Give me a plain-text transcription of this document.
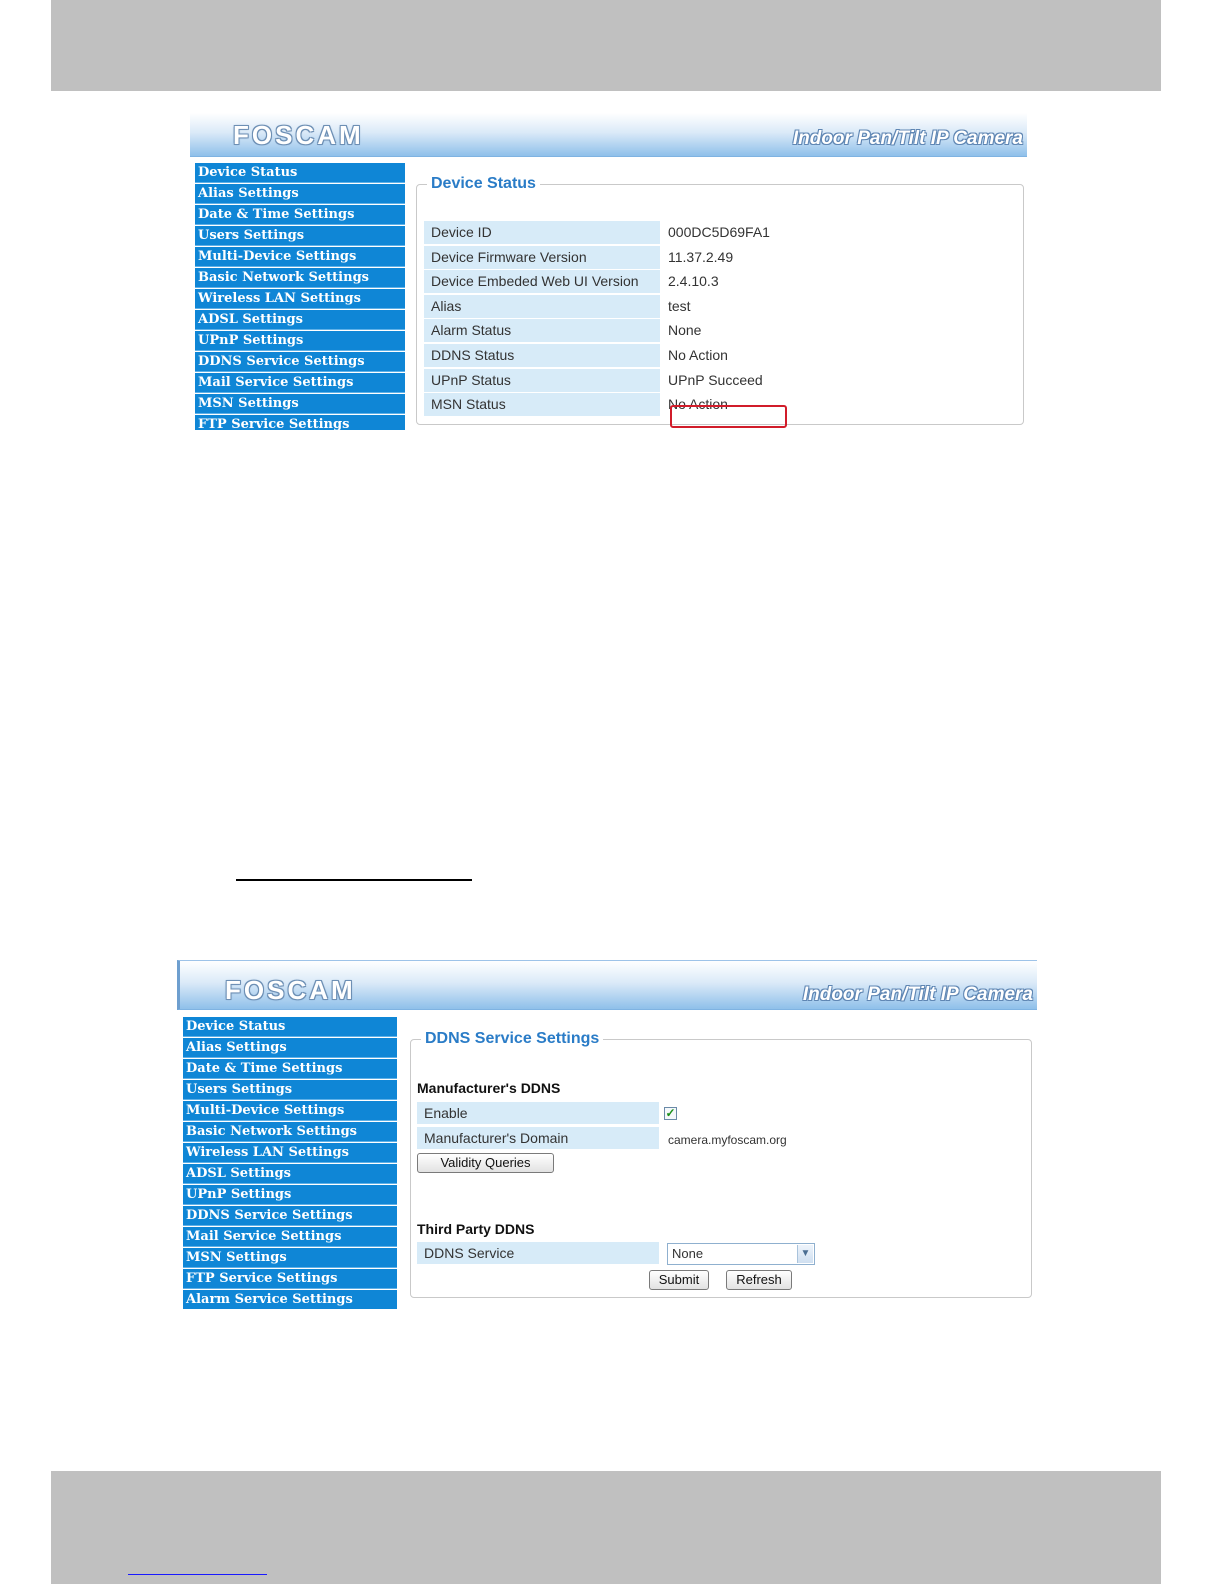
FOSCAM	Indoor Pan/Tilt IP Camera
Device Status
Alias Settings
Date & Time Settings
Users Settings
Multi-Device Settings
Basic Network Settings
Wireless LAN Settings
ADSL Settings
UPnP Settings
DDNS Service Settings
Mail Service Settings
MSN Settings
FTP Service Settings
Device Status
Device ID	000DC5D69FA1
Device Firmware Version	11.37.2.49
Device Embeded Web UI Version	2.4.10.3
Alias	test
Alarm Status	None
DDNS Status	No Action
UPnP Status	UPnP Succeed
MSN Status	No Action
FOSCAM	Indoor Pan/Tilt IP Camera
Device Status
Alias Settings
Date & Time Settings
Users Settings
Multi-Device Settings
Basic Network Settings
Wireless LAN Settings
ADSL Settings
UPnP Settings
DDNS Service Settings
Mail Service Settings
MSN Settings
FTP Service Settings
Alarm Service Settings
DDNS Service Settings
Manufacturer's DDNS
Enable	✓
Manufacturer's Domain	camera.myfoscam.org
Validity Queries
Third Party DDNS
DDNS Service	None	▼
Submit	Refresh
